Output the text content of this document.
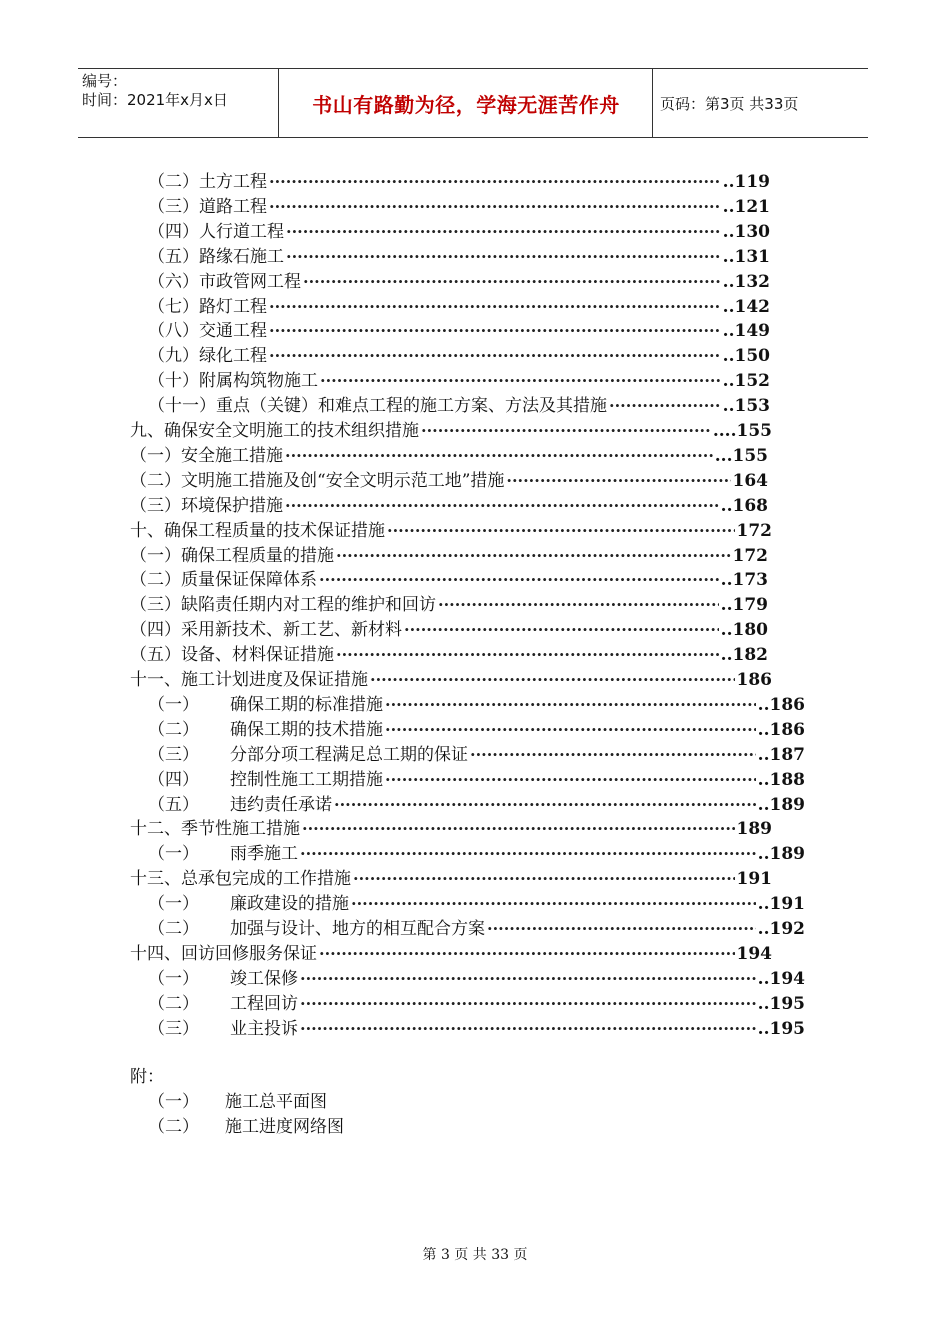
编号：
时间：2021年x月x日	书山有路勤为径，学海无涯苦作舟	页码：第3页 共33页
（二） 土方工程 ·····	..119
（三） 道路工程 ·····	..121
（四） 人行道工程 ·····	..130
（五） 路缘石施工 ·····	..131
（六） 市政管网工程 ·····	..132
（七） 路灯工程 ·····	..142
（八） 交通工程 ·····	..149
（九） 绿化工程 ·····	..150
（十） 附属构筑物施工 ·····	..152
（十一） 重点（关键）和难点工程的施工方案、方法及其措施 ·····	..153
九、 确保安全文明施工的技术组织措施 ·····	....155
（一） 安全施工措施 ·····	...155
（二） 文明施工措施及创“安全文明示范工地”措施 ·····	164
（三） 环境保护措施 ·····	..168
十、 确保工程质量的技术保证措施 ·····	172
（一） 确保工程质量的措施 ·····	172
（二） 质量保证保障体系 ·····	..173
（三） 缺陷责任期内对工程的维护和回访 ·····	..179
（四） 采用新技术、新工艺、新材料 ·····	..180
（五） 设备、材料保证措施 ·····	..182
十一、 施工计划进度及保证措施 ·····	186
（一）	确保工期的标准措施 ·····	..186
（二）	确保工期的技术措施 ·····	..186
（三）	分部分项工程满足总工期的保证 ·····	..187
（四）	控制性施工工期措施 ·····	..188
（五）	违约责任承诺 ·····	..189
十二、 季节性施工措施 ·····	189
（一）	雨季施工 ·····	..189
十三、 总承包完成的工作措施 ·····	191
（一）	廉政建设的措施 ·····	..191
（二）	加强与设计、地方的相互配合方案 ·····	..192
十四、 回访回修服务保证 ·····	194
（一）	竣工保修 ·····	..194
（二）	工程回访 ·····	..195
（三）	业主投诉 ·····	..195
附：
（一） 施工总平面图
（二） 施工进度网络图
第 3 页 共 33 页
